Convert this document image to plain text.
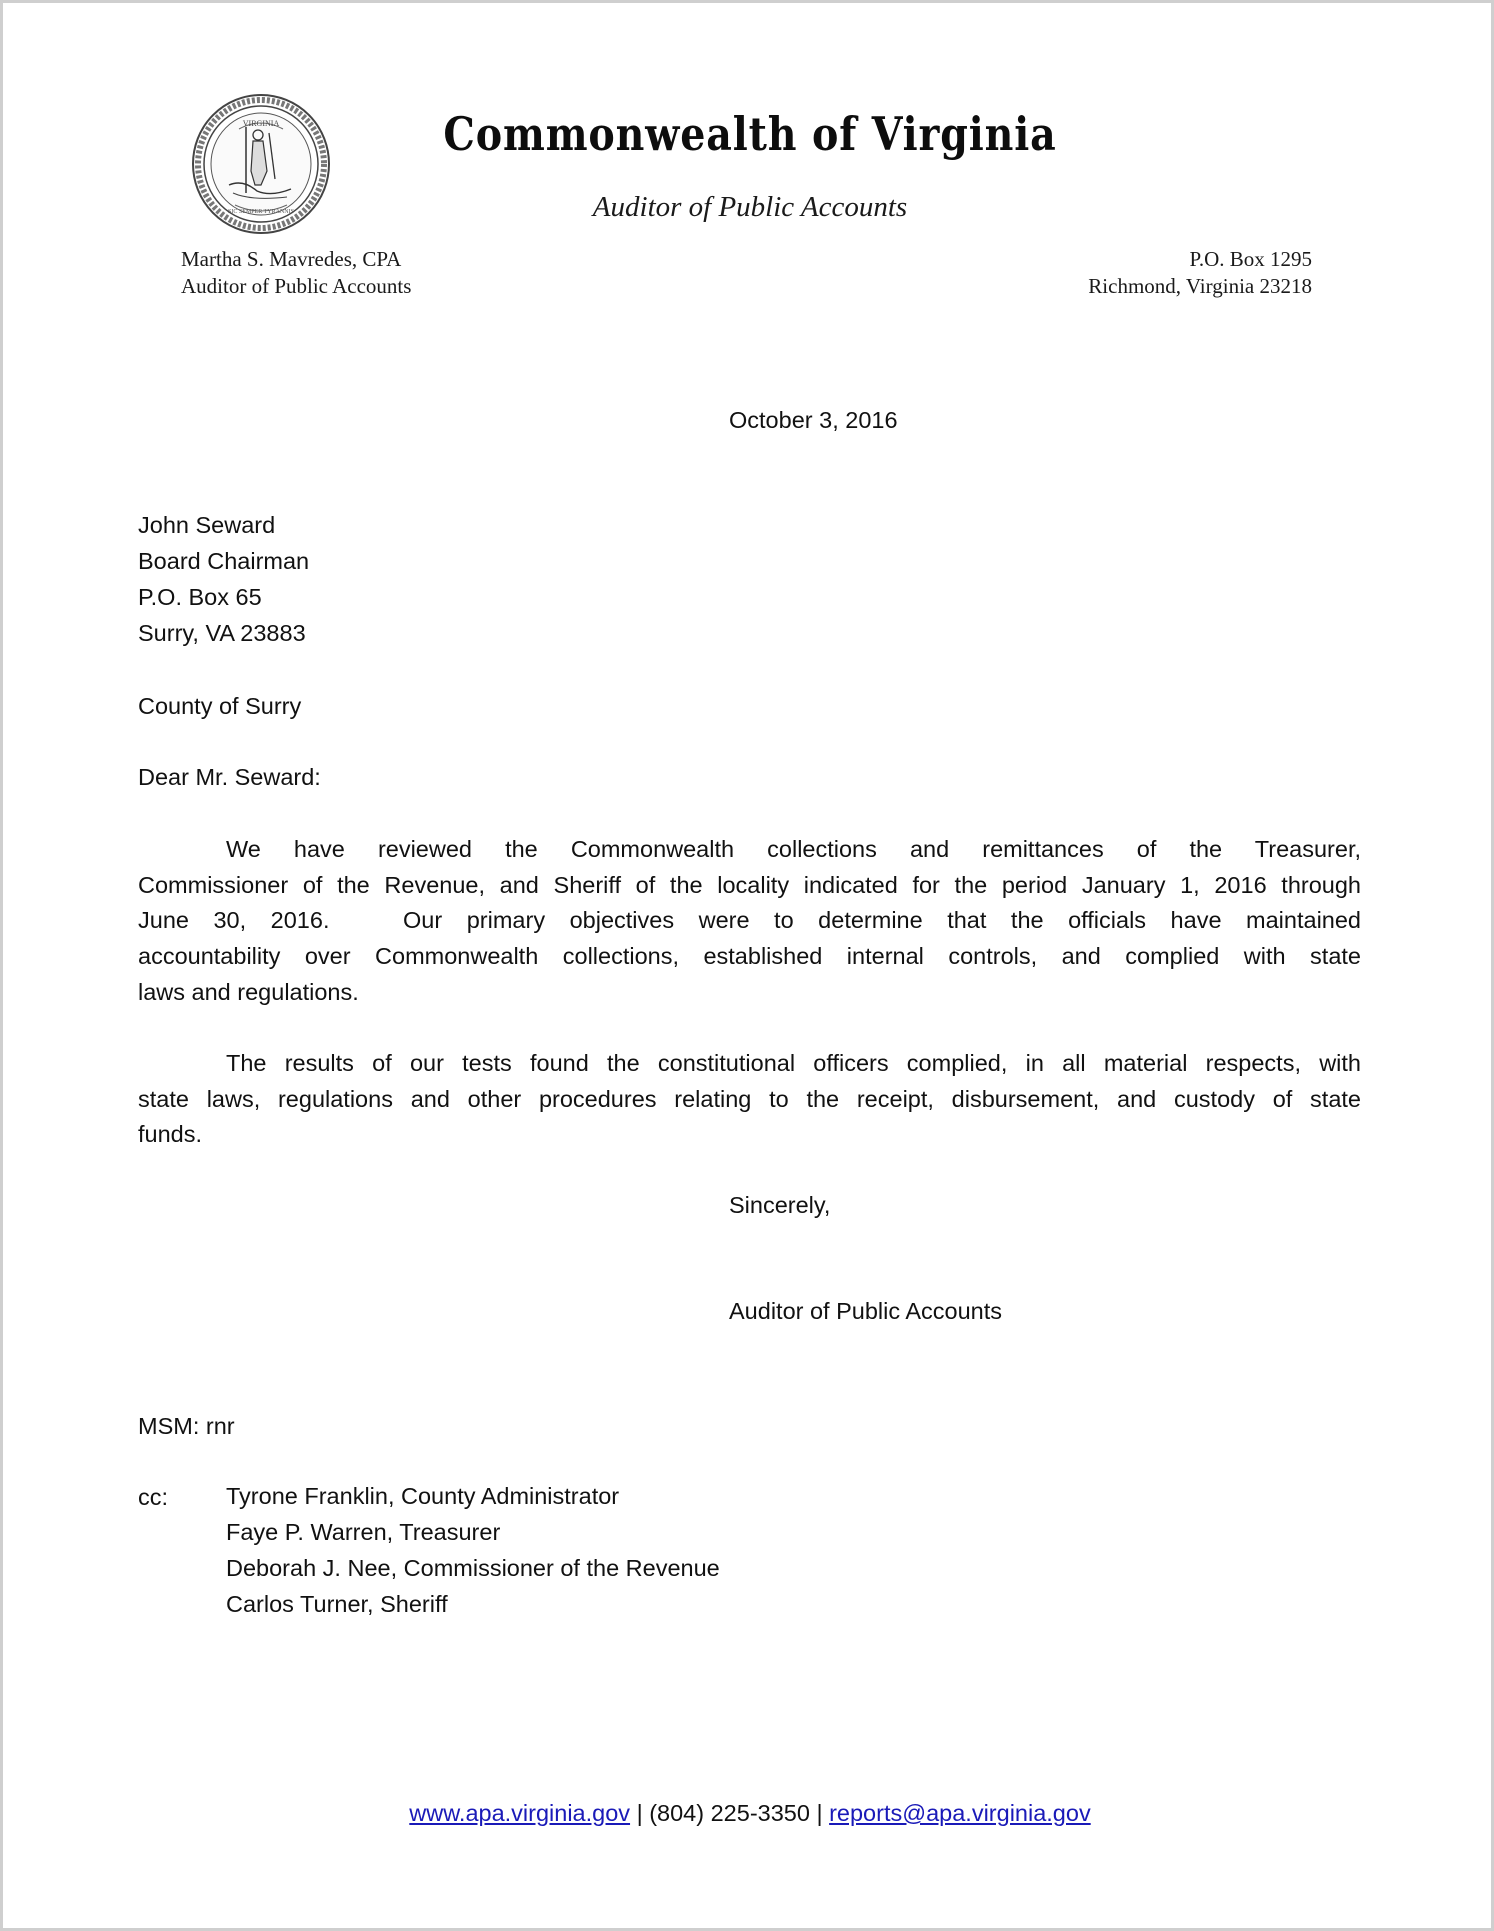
VIRGINIA
SIC SEMPER TYRANNIS
Commonwealth of Virginia
Auditor of Public Accounts
Martha S. Mavredes, CPA
Auditor of Public Accounts
P.O. Box 1295
Richmond, Virginia 23218
October 3, 2016
John Seward
Board Chairman
P.O. Box 65
Surry, VA 23883
County of Surry
Dear Mr. Seward:
We have reviewed the Commonwealth collections and remittances of the Treasurer,
Commissioner of the Revenue, and Sheriff of the locality indicated for the period January 1, 2016 through
June 30, 2016.   Our primary objectives were to determine that the officials have maintained
accountability over Commonwealth collections, established internal controls, and complied with state
laws and regulations.
The results of our tests found the constitutional officers complied, in all material respects, with
state laws, regulations and other procedures relating to the receipt, disbursement, and custody of state
funds.
Sincerely,
Auditor of Public Accounts
MSM: rnr
cc: Tyrone Franklin, County Administrator
Faye P. Warren, Treasurer
Deborah J. Nee, Commissioner of the Revenue
Carlos Turner, Sheriff
www.apa.virginia.gov | (804) 225-3350 | reports@apa.virginia.gov
